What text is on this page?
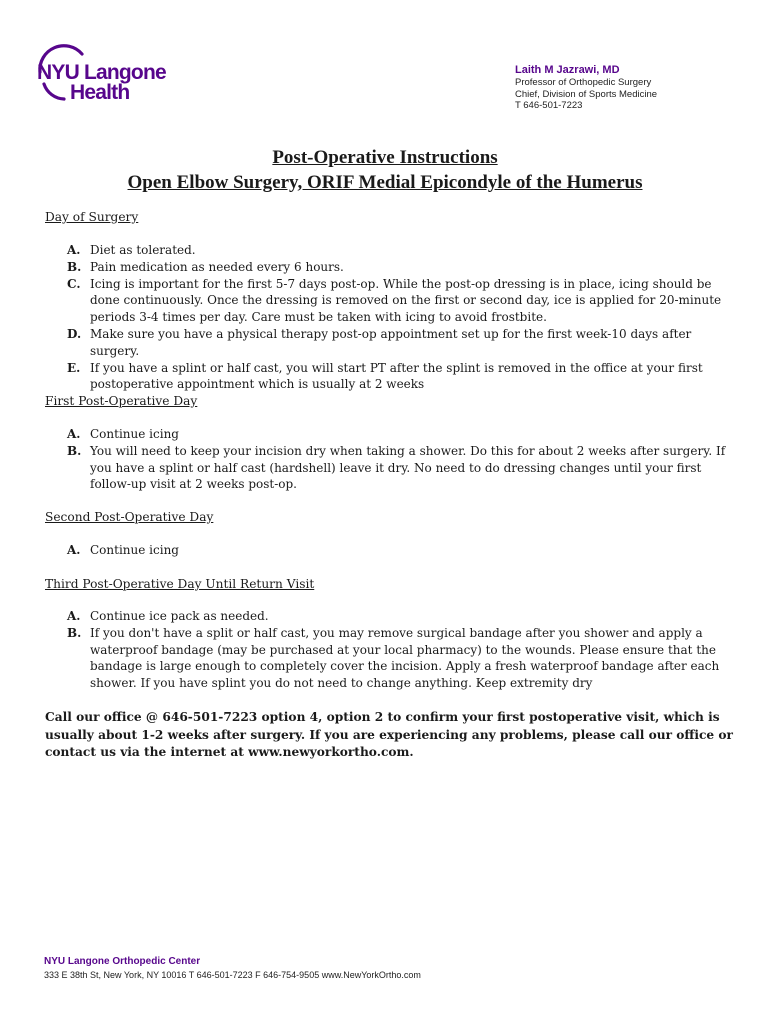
NYU Langone
Health
Laith M Jazrawi, MD
Professor of Orthopedic Surgery
Chief, Division of Sports Medicine
T 646-501-7223
Post-Operative Instructions
Open Elbow Surgery, ORIF Medial Epicondyle of the Humerus
Day of Surgery
A. Diet as tolerated.
B. Pain medication as needed every 6 hours.
C. Icing is important for the first 5-7 days post-op. While the post-op dressing is in place, icing should be done continuously. Once the dressing is removed on the first or second day, ice is applied for 20-minute periods 3-4 times per day. Care must be taken with icing to avoid frostbite.
D. Make sure you have a physical therapy post-op appointment set up for the first week-10 days after surgery.
E. If you have a splint or half cast, you will start PT after the splint is removed in the office at your first postoperative appointment which is usually at 2 weeks
First Post-Operative Day
A. Continue icing
B. You will need to keep your incision dry when taking a shower. Do this for about 2 weeks after surgery. If you have a splint or half cast (hardshell) leave it dry. No need to do dressing changes until your first follow-up visit at 2 weeks post-op.
Second Post-Operative Day
A. Continue icing
Third Post-Operative Day Until Return Visit
A. Continue ice pack as needed.
B. If you don't have a split or half cast, you may remove surgical bandage after you shower and apply a waterproof bandage (may be purchased at your local pharmacy) to the wounds. Please ensure that the bandage is large enough to completely cover the incision. Apply a fresh waterproof bandage after each shower. If you have splint you do not need to change anything. Keep extremity dry
Call our office @ 646-501-7223 option 4, option 2 to confirm your first postoperative visit, which is usually about 1-2 weeks after surgery. If you are experiencing any problems, please call our office or contact us via the internet at www.newyorkortho.com.
NYU Langone Orthopedic Center
333 E 38th St, New York, NY 10016 T 646-501-7223 F 646-754-9505 www.NewYorkOrtho.com
